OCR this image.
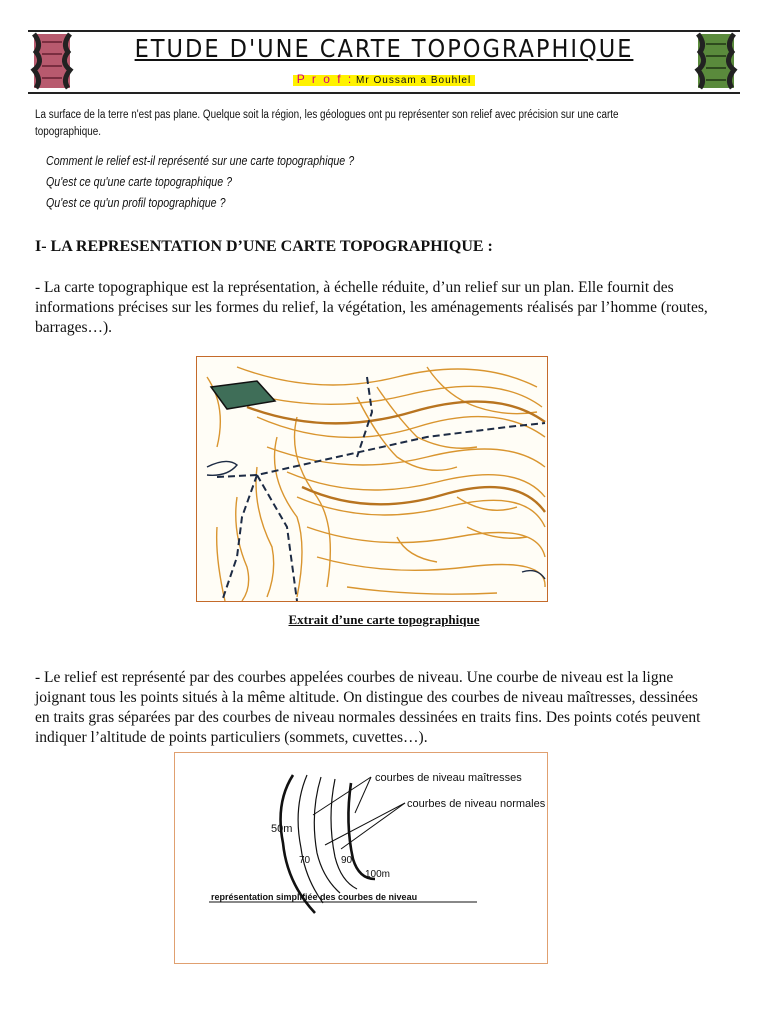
ETUDE D'UNE CARTE TOPOGRAPHIQUE
P r o f : Mr Oussam a Bouhlel
La surface de la terre n'est pas plane. Quelque soit la région, les géologues ont pu représenter son relief avec précision sur une carte topographique.
Comment le relief est-il représenté sur une carte topographique ?
Qu'est ce qu'une carte topographique ?
Qu'est ce qu'un profil topographique ?
I- LA REPRESENTATION D’UNE CARTE TOPOGRAPHIQUE :
- La carte topographique est la représentation, à échelle réduite, d’un relief sur un plan. Elle fournit des informations précises sur les formes du relief, la végétation, les aménagements réalisés par l’homme (routes, barrages…).
Extrait d’une carte topographique
- Le relief est représenté par des courbes appelées courbes de niveau. Une courbe de niveau est la ligne joignant tous les points situés à la même altitude. On distingue des courbes de niveau maîtresses, dessinées en traits gras séparées par des courbes de niveau normales dessinées en traits fins. Des points cotés peuvent indiquer l’altitude de points particuliers (sommets, cuvettes…).
courbes de niveau maîtresses
courbes de niveau normales
50m
70	90
100m
représentation simplifiée des courbes de niveau
